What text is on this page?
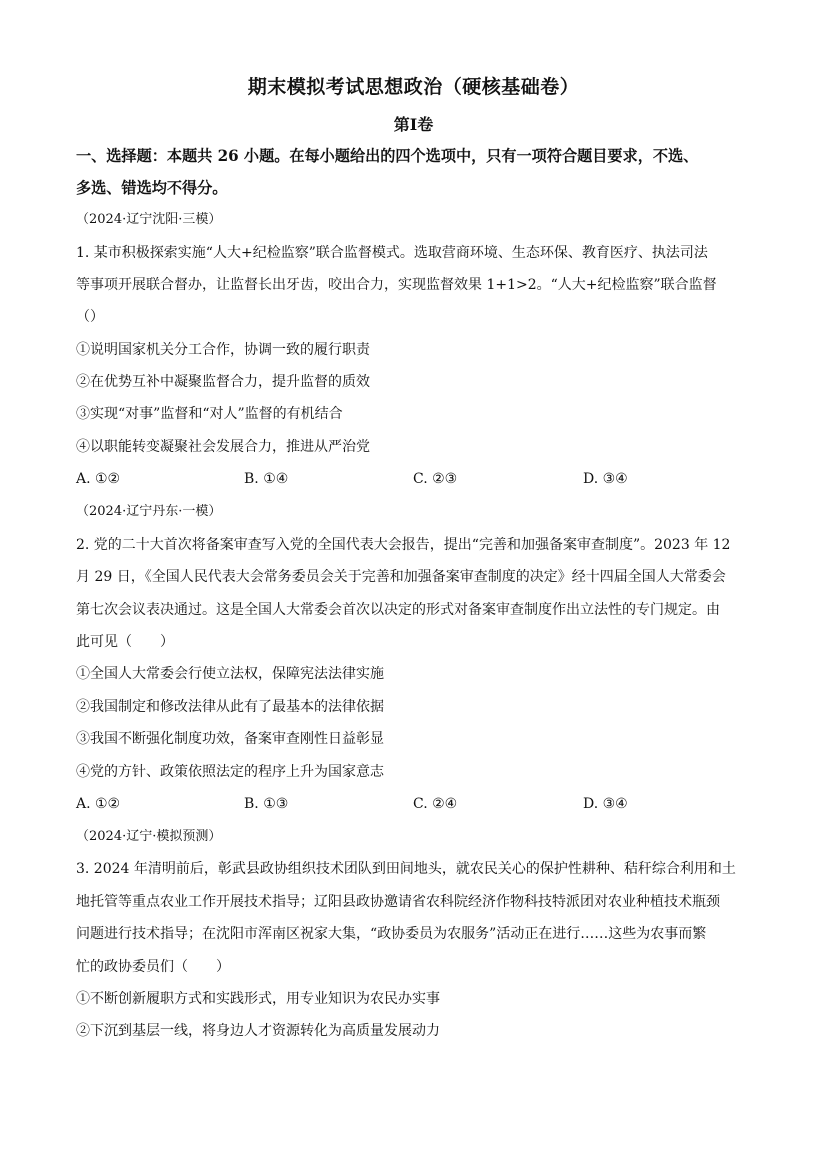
期末模拟考试思想政治（硬核基础卷）
第Ⅰ卷
一、选择题：本题共 26 小题。在每小题给出的四个选项中，只有一项符合题目要求，不选、
多选、错选均不得分。
（2024·辽宁沈阳·三模）
1. 某市积极探索实施“人大+纪检监察”联合监督模式。选取营商环境、生态环保、教育医疗、执法司法
等事项开展联合督办，让监督长出牙齿，咬出合力，实现监督效果 1+1>2。“人大+纪检监察”联合监督
（）
①说明国家机关分工合作，协调一致的履行职责
②在优势互补中凝聚监督合力，提升监督的质效
③实现“对事”监督和“对人”监督的有机结合
④以职能转变凝聚社会发展合力，推进从严治党
A. ①②	B. ①④	C. ②③	D. ③④
（2024·辽宁丹东·一模）
2. 党的二十大首次将备案审查写入党的全国代表大会报告，提出“完善和加强备案审查制度”。2023 年 12
月 29 日，《全国人民代表大会常务委员会关于完善和加强备案审查制度的决定》经十四届全国人大常委会
第七次会议表决通过。这是全国人大常委会首次以决定的形式对备案审查制度作出立法性的专门规定。由
此可见（　　）
①全国人大常委会行使立法权，保障宪法法律实施
②我国制定和修改法律从此有了最基本的法律依据
③我国不断强化制度功效，备案审查刚性日益彰显
④党的方针、政策依照法定的程序上升为国家意志
A. ①②	B. ①③	C. ②④	D. ③④
（2024·辽宁·模拟预测）
3. 2024 年清明前后，彰武县政协组织技术团队到田间地头，就农民关心的保护性耕种、秸秆综合利用和土
地托管等重点农业工作开展技术指导；辽阳县政协邀请省农科院经济作物科技特派团对农业种植技术瓶颈
问题进行技术指导；在沈阳市浑南区祝家大集，“政协委员为农服务”活动正在进行……这些为农事而繁
忙的政协委员们（　　）
①不断创新履职方式和实践形式，用专业知识为农民办实事
②下沉到基层一线，将身边人才资源转化为高质量发展动力
